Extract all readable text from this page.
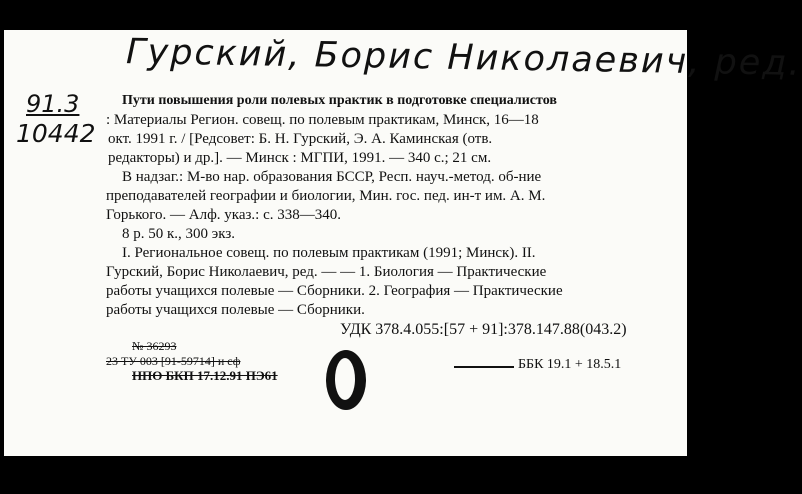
Гурский, Борис Николаевич, ред.
91.3
10442
Пути повышения роли полевых практик в подготовке специалистов
: Материалы Регион. совещ. по полевым практикам, Минск, 16—18
окт. 1991 г. / [Редсовет: Б. Н. Гурский, Э. А. Каминская (отв.
редакторы) и др.]. — Минск : МГПИ, 1991. — 340 с.; 21 см.
В надзаг.: М-во нар. образования БССР, Респ. науч.-метод. об-ние
преподавателей географии и биологии, Мин. гос. пед. ин-т им. А. М.
Горького. — Алф. указ.: с. 338—340.
8 р. 50 к., 300 экз.
I. Региональное совещ. по полевым практикам (1991; Минск). II.
Гурский, Борис Николаевич, ред. — — 1. Биология — Практические
работы учащихся полевые — Сборники. 2. География — Практические
работы учащихся полевые — Сборники.
УДК 378.4.055:[57 + 91]:378.147.88(043.2)
№ 36293
23 ТУ 003 [91-59714] и сф
НПО БКП 17.12.91 ПЭ61
ББК 19.1 + 18.5.1
